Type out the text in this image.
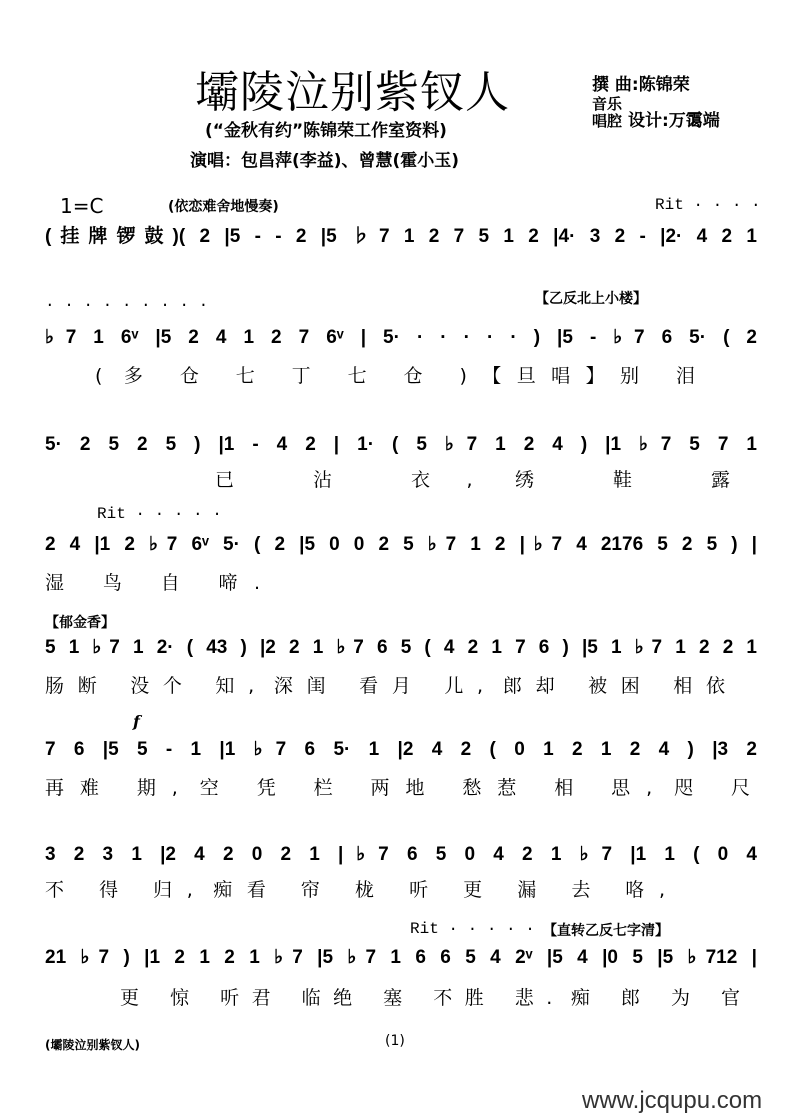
壩陵泣别紫钗人
(“金秋有约”陈锦荣工作室资料)
演唱：包昌萍(李益)、曾慧(霍小玉)
撰 曲:陈锦荣
音乐
唱腔 设计:万霭端
1=C	(依恋难舍地慢奏)	Rit · · · ·
(挂牌锣鼓)( 2 |5 - - 2 |5 ♭7 1 2 7 5 1 2 |4· 3 2 - |2· 4 2 1
· · · · · · · · ·	【乙反北上小楼】
♭7 1 6ᵛ |5 2 4 1 2 7 6ᵛ | 5· · · · · · ) |5 - ♭7 6 5· ( 2
( 多 仓 七 丁 七 仓 )【旦唱】别 泪
5· 2 5 2 5 ) |1 - 4 2 | 1· ( 5 ♭7 1 2 4 ) |1 ♭7 5 7 1
已 沾 衣, 绣 鞋 露
Rit · · · · ·
2 4 |1 2 ♭7 6ᵛ 5· ( 2 |5 0 0 2 5 ♭7 1 2 |♭7 4 2176 5 2 5 ) |
湿 鸟 自 啼.
【郁金香】
5 1 ♭7 1 2· ( 43 ) |2 2 1 ♭7 6 5 ( 4 2 1 7 6 ) |5 1 ♭7 1 2 2 1
肠断 没个 知, 深闺 看月 儿, 郎却 被困 相依
f
7 6 |5 5 - 1 |1 ♭7 6 5· 1 |2 4 2 ( 0 1 2 1 2 4 ) |3 2
再难 期, 空 凭 栏 两地 愁惹 相 思, 咫 尺
3 2 3 1 |2 4 2 0 2 1 |♭7 6 5 0 4 2 1 ♭7 |1 1 ( 0 4
不 得 归, 痴看 帘 栊 听 更 漏 去 咯,
Rit · · · · · 【直转乙反七字清】
21 ♭7 ) |1 2 1 2 1 ♭7 |5 ♭7 1 6 6 5 4 2ᵛ |5 4 |0 5 |5 ♭712 |
更 惊 听君 临绝 塞 不胜 悲. 痴 郎 为 官
(壩陵泣别紫钗人)	(1)
www.jcqupu.com
